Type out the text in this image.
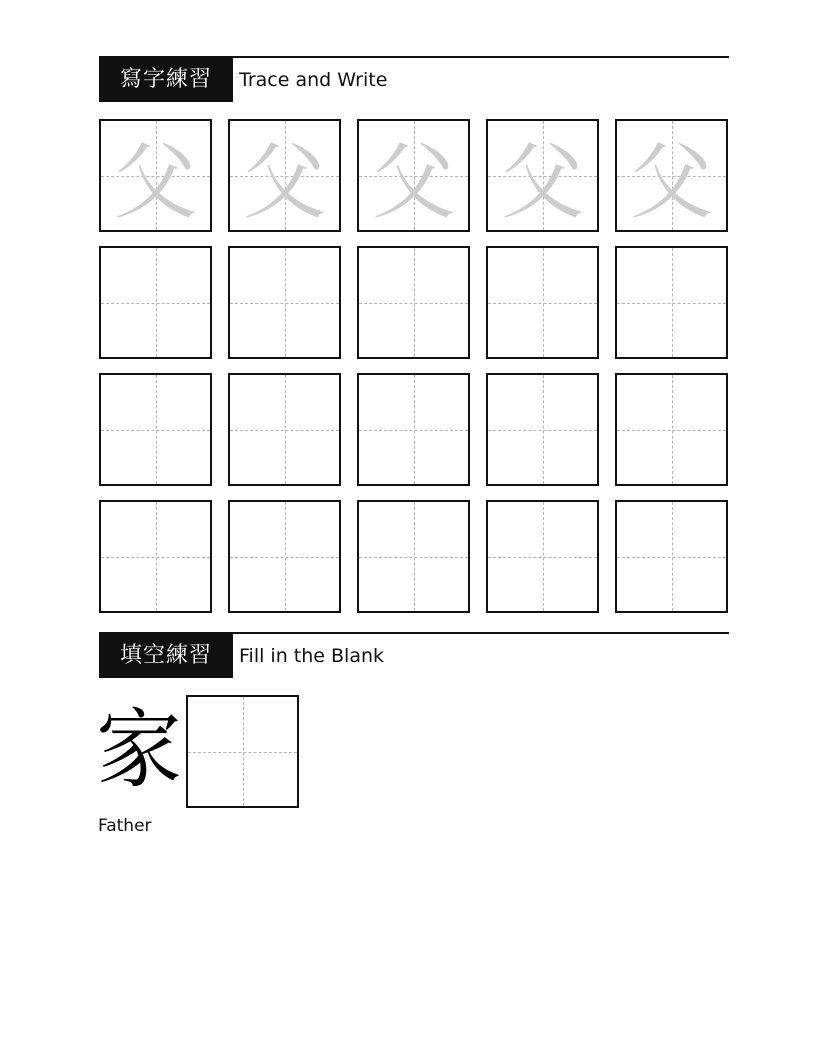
寫字練習	Trace and Write
父 父 父 父 父
填空練習	Fill in the Blank
家
Father
